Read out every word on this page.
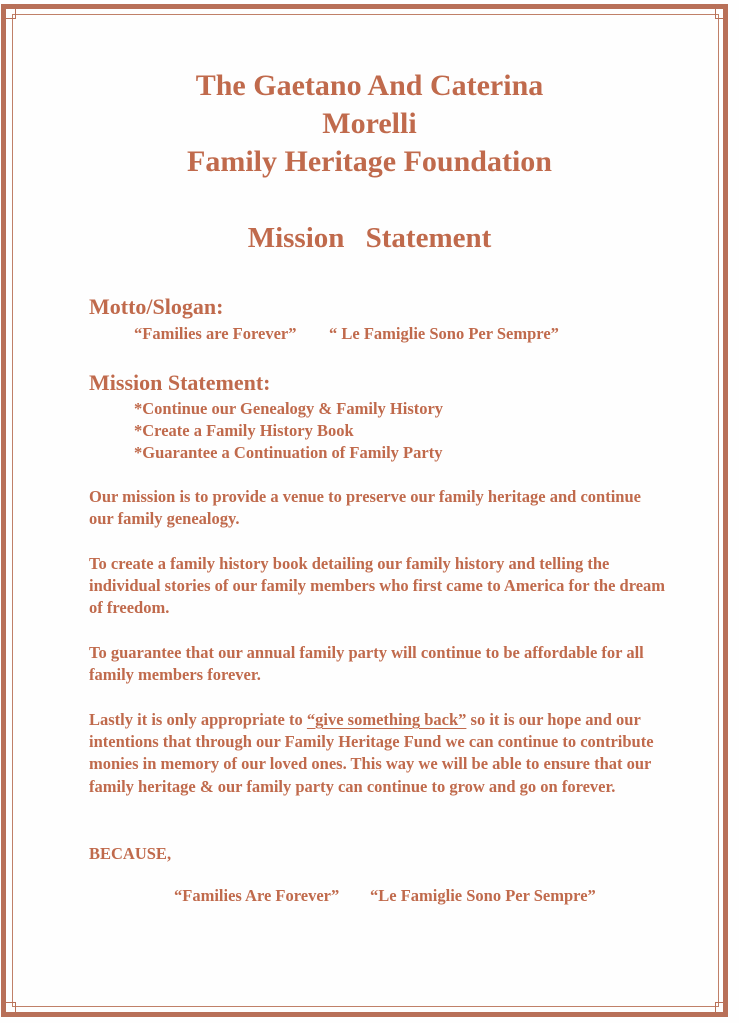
The Gaetano And Caterina
Morelli
Family Heritage Foundation
Mission Statement
Motto/Slogan:
“Families are Forever” “ Le Famiglie Sono Per Sempre”
Mission Statement:
*Continue our Genealogy & Family History
*Create a Family History Book
*Guarantee a Continuation of Family Party
Our mission is to provide a venue to preserve our family heritage and continue our family genealogy.
To create a family history book detailing our family history and telling the individual stories of our family members who first came to America for the dream of freedom.
To guarantee that our annual family party will continue to be affordable for all family members forever.
Lastly it is only appropriate to “give something back” so it is our hope and our intentions that through our Family Heritage Fund we can continue to contribute monies in memory of our loved ones. This way we will be able to ensure that our family heritage & our family party can continue to grow and go on forever.
BECAUSE,
“Families Are Forever” “Le Famiglie Sono Per Sempre”
